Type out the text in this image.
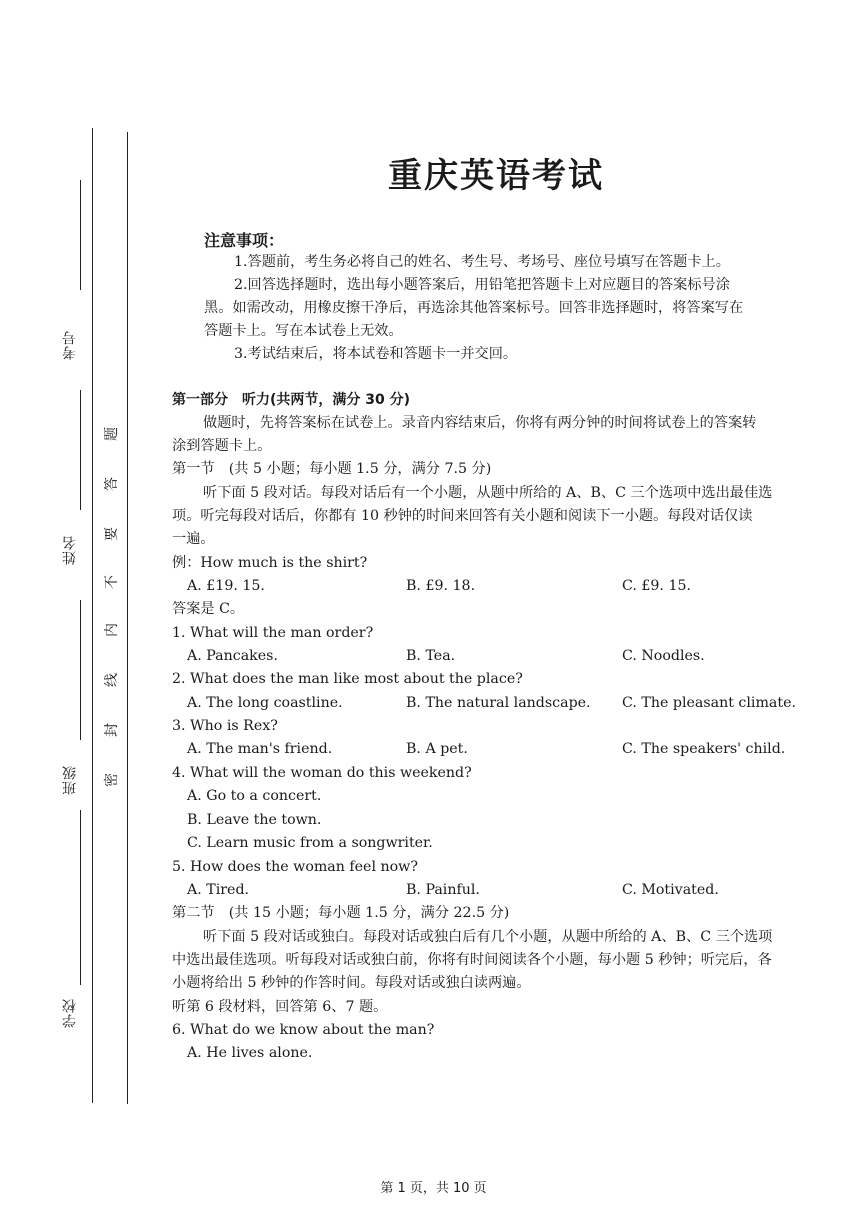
考号
姓名
班级
学校
题
答
要
不
内
线
封
密
重庆英语考试
注意事项：
1.答题前，考生务必将自己的姓名、考生号、考场号、座位号填写在答题卡上。
2.回答选择题时，选出每小题答案后，用铅笔把答题卡上对应题目的答案标号涂
黑。如需改动，用橡皮擦干净后，再选涂其他答案标号。回答非选择题时，将答案写在
答题卡上。写在本试卷上无效。
3.考试结束后，将本试卷和答题卡一并交回。
第一部分　听力(共两节，满分 30 分)
做题时，先将答案标在试卷上。录音内容结束后，你将有两分钟的时间将试卷上的答案转
涂到答题卡上。
第一节　(共 5 小题；每小题 1.5 分，满分 7.5 分)
听下面 5 段对话。每段对话后有一个小题，从题中所给的 A、B、C 三个选项中选出最佳选
项。听完每段对话后，你都有 10 秒钟的时间来回答有关小题和阅读下一小题。每段对话仅读
一遍。
例：How much is the shirt?
A. £19. 15.	B. £9. 18.	C. £9. 15.
答案是 C。
1. What will the man order?
A. Pancakes.	B. Tea.	C. Noodles.
2. What does the man like most about the place?
A. The long coastline.	B. The natural landscape. C. The pleasant climate.
3. Who is Rex?
A. The man's friend.	B. A pet.	C. The speakers' child.
4. What will the woman do this weekend?
A. Go to a concert.
B. Leave the town.
C. Learn music from a songwriter.
5. How does the woman feel now?
A. Tired.	B. Painful.	C. Motivated.
第二节　(共 15 小题；每小题 1.5 分，满分 22.5 分)
听下面 5 段对话或独白。每段对话或独白后有几个小题，从题中所给的 A、B、C 三个选项
中选出最佳选项。听每段对话或独白前，你将有时间阅读各个小题，每小题 5 秒钟；听完后，各
小题将给出 5 秒钟的作答时间。每段对话或独白读两遍。
听第 6 段材料，回答第 6、7 题。
6. What do we know about the man?
A. He lives alone.
第 1 页，共 10 页
